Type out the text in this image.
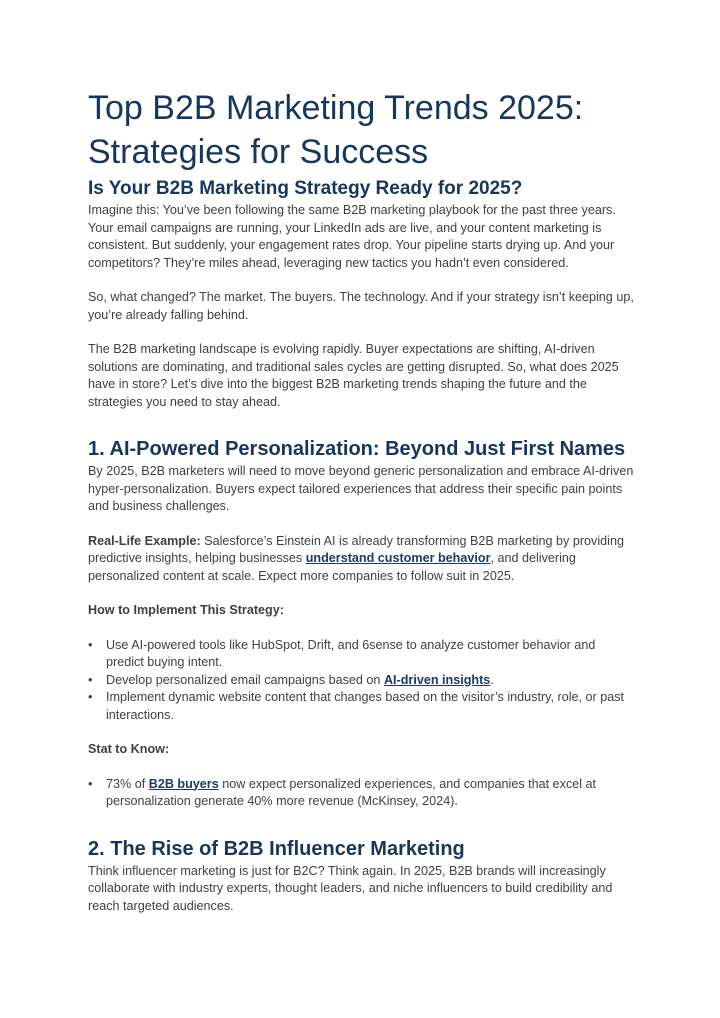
Top B2B Marketing Trends 2025: Strategies for Success
Is Your B2B Marketing Strategy Ready for 2025?

Imagine this: You’ve been following the same B2B marketing playbook for the past three years. Your email campaigns are running, your LinkedIn ads are live, and your content marketing is consistent. But suddenly, your engagement rates drop. Your pipeline starts drying up. And your competitors? They’re miles ahead, leveraging new tactics you hadn’t even considered.

So, what changed? The market. The buyers. The technology. And if your strategy isn’t keeping up, you’re already falling behind.

The B2B marketing landscape is evolving rapidly. Buyer expectations are shifting, AI-driven solutions are dominating, and traditional sales cycles are getting disrupted. So, what does 2025 have in store? Let’s dive into the biggest B2B marketing trends shaping the future and the strategies you need to stay ahead.

1. AI-Powered Personalization: Beyond Just First Names

By 2025, B2B marketers will need to move beyond generic personalization and embrace AI-driven hyper-personalization. Buyers expect tailored experiences that address their specific pain points and business challenges.

Real-Life Example: Salesforce’s Einstein AI is already transforming B2B marketing by providing predictive insights, helping businesses understand customer behavior, and delivering personalized content at scale. Expect more companies to follow suit in 2025.

How to Implement This Strategy:

• Use AI-powered tools like HubSpot, Drift, and 6sense to analyze customer behavior and predict buying intent.
• Develop personalized email campaigns based on AI-driven insights.
• Implement dynamic website content that changes based on the visitor’s industry, role, or past interactions.

Stat to Know:

• 73% of B2B buyers now expect personalized experiences, and companies that excel at personalization generate 40% more revenue (McKinsey, 2024).
2. The Rise of B2B Influencer Marketing

Think influencer marketing is just for B2C? Think again. In 2025, B2B brands will increasingly collaborate with industry experts, thought leaders, and niche influencers to build credibility and reach targeted audiences.
